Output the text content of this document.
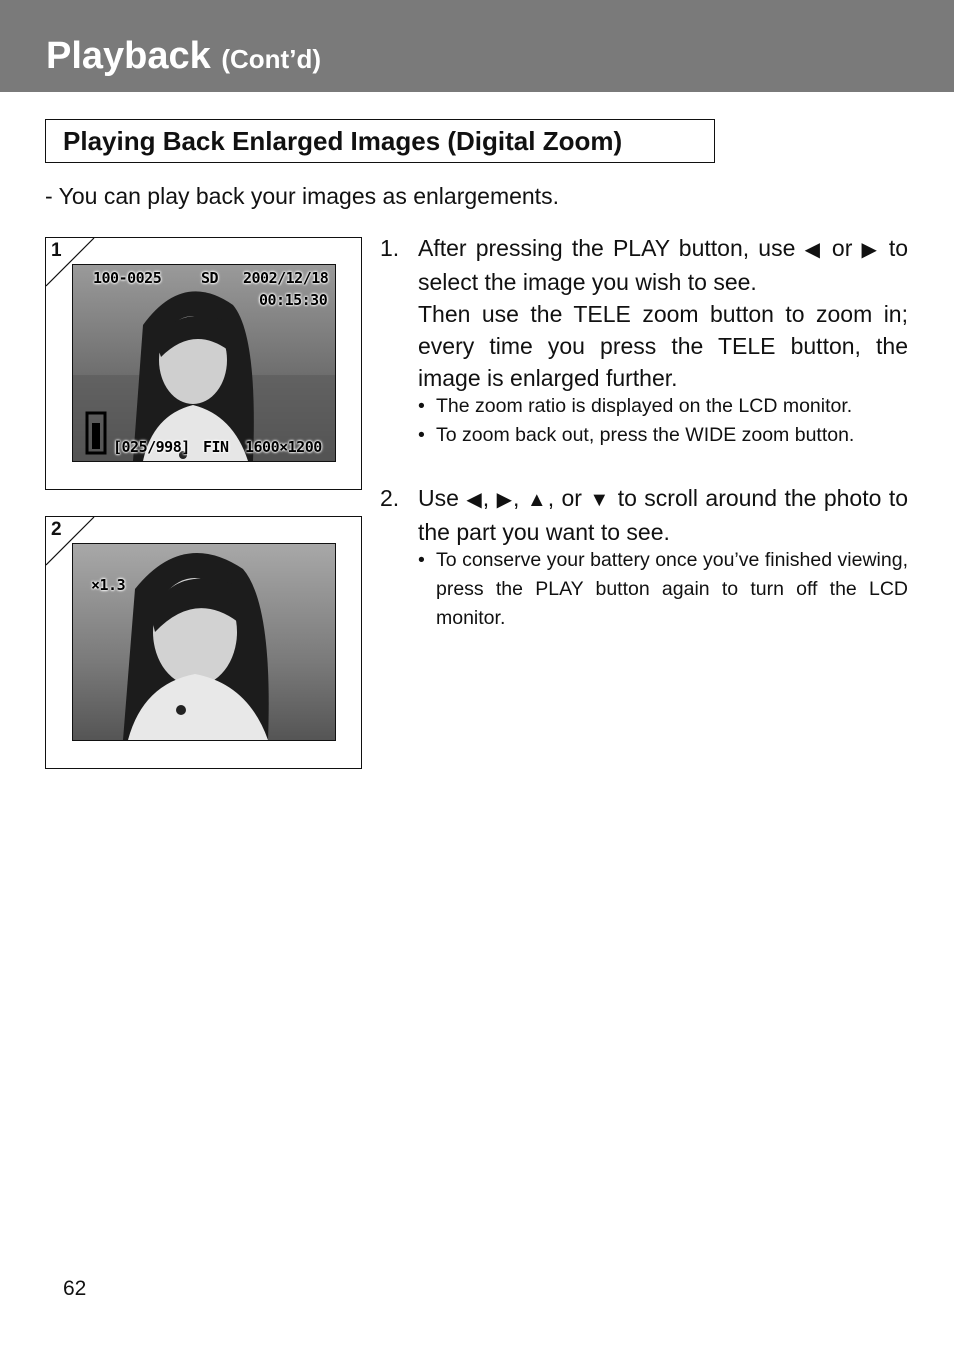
Playback (Cont’d)
Playing Back Enlarged Images (Digital Zoom)
- You can play back your images as enlargements.
1
100-0025	SD 2002/12/18
00:15:30
[025/998] FIN 1600×1200
2
×1.3
1. After pressing the PLAY button, use ◀ or ▶ to select the image you wish to see.
Then use the TELE zoom button to zoom in; every time you press the TELE button, the image is enlarged further.
• The zoom ratio is displayed on the LCD monitor.
• To zoom back out, press the WIDE zoom button.
2. Use ◀, ▶, ▲, or ▼ to scroll around the photo to the part you want to see.
• To conserve your battery once you’ve finished viewing, press the PLAY button again to turn off the LCD monitor.
62
